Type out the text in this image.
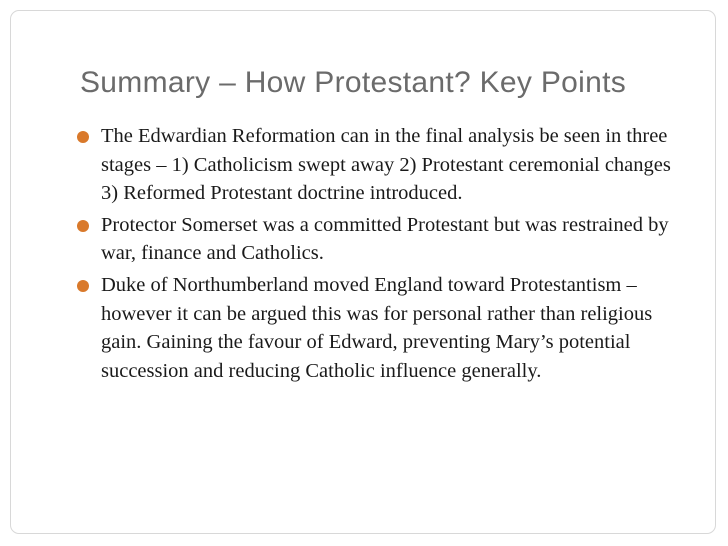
Summary – How Protestant? Key Points
The Edwardian Reformation can in the final analysis be seen in three stages – 1) Catholicism swept away 2) Protestant ceremonial changes 3) Reformed Protestant doctrine introduced.
Protector Somerset was a committed Protestant but was restrained by war, finance and Catholics.
Duke of Northumberland moved England toward Protestantism – however it can be argued this was for personal rather than religious gain. Gaining the favour of Edward, preventing Mary’s potential succession and reducing Catholic influence generally.
